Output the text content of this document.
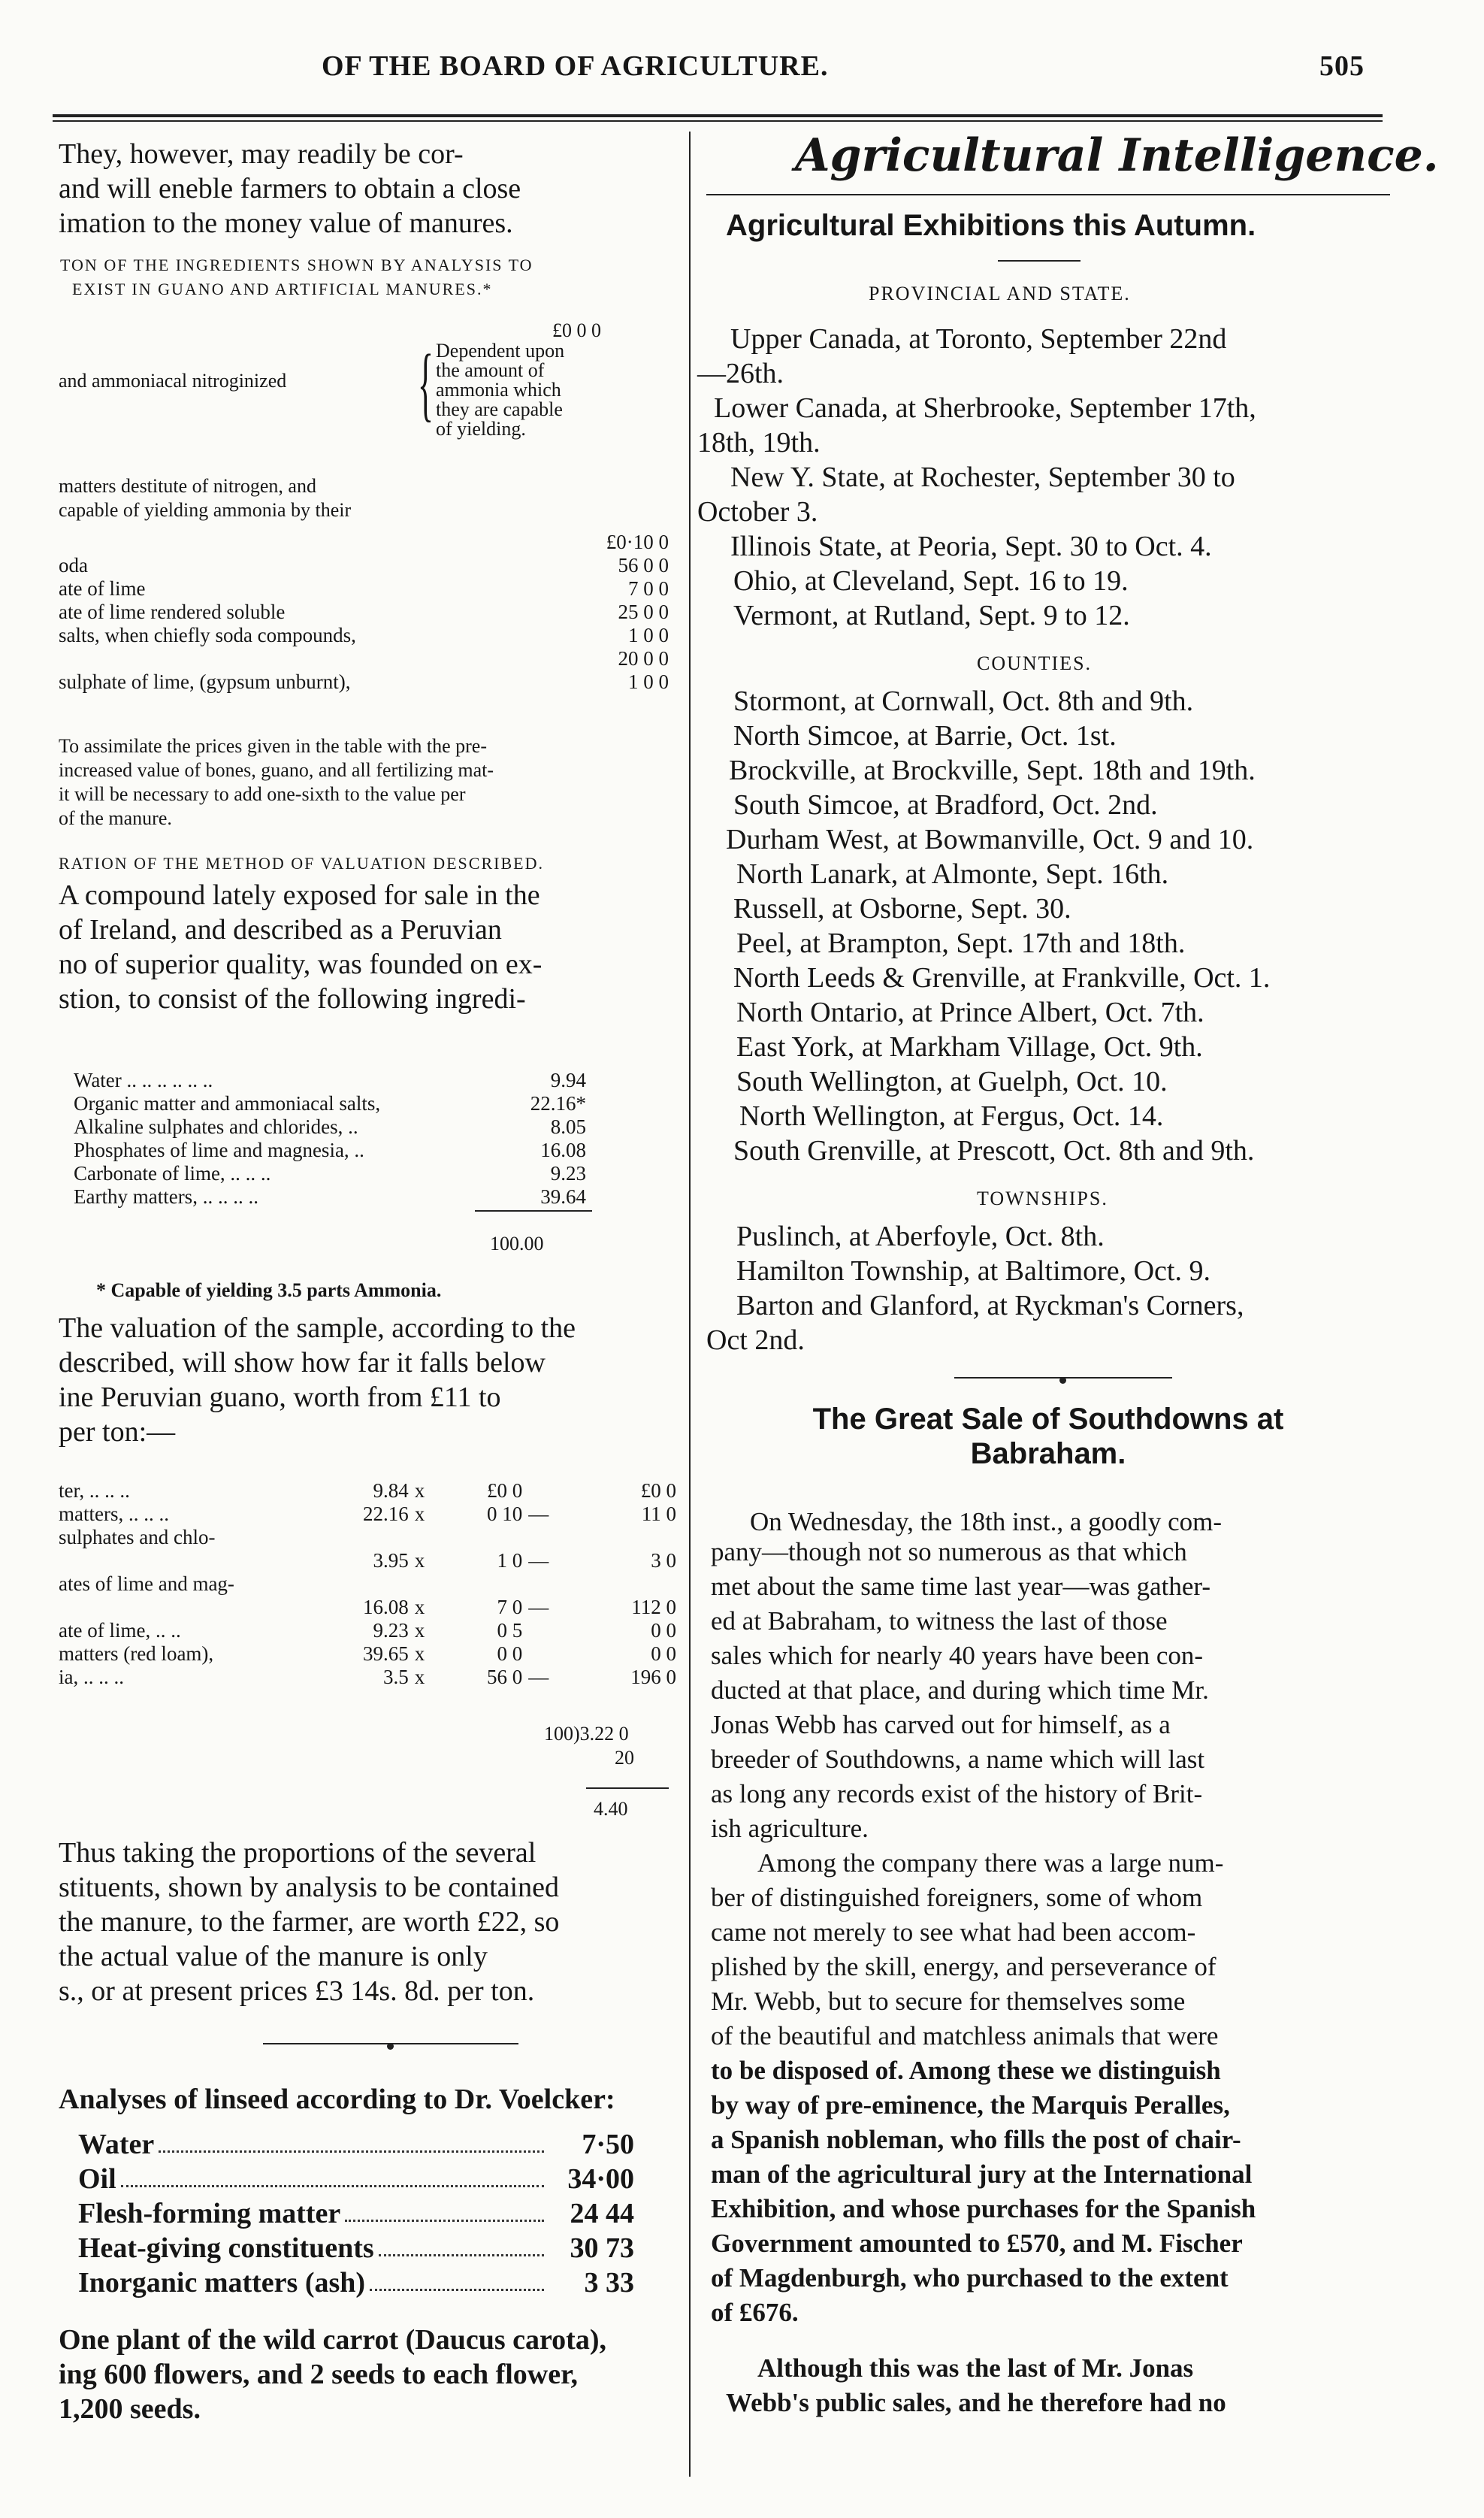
OF THE BOARD OF AGRICULTURE.	505
They, however, may readily be cor-
and will eneble farmers to obtain a close
imation to the money value of manures.
TON OF THE INGREDIENTS SHOWN BY ANALYSIS TO
EXIST IN GUANO AND ARTIFICIAL MANURES.*
£0 0 0
and ammoniacal nitroginized { Dependent upon
the amount of
ammonia which
they are capable
of yielding.
matters destitute of nitrogen, and
capable of yielding ammonia by their
	£0·10 0
oda	56 0 0
ate of lime	7 0 0
ate of lime rendered soluble	25 0 0
salts, when chiefly soda compounds,	1 0 0
	20 0 0
sulphate of lime, (gypsum unburnt),	1 0 0
To assimilate the prices given in the table with the pre-
increased value of bones, guano, and all fertilizing mat-
it will be necessary to add one-sixth to the value per
of the manure.
RATION OF THE METHOD OF VALUATION DESCRIBED.
A compound lately exposed for sale in the
of Ireland, and described as a Peruvian
no of superior quality, was founded on ex-
stion, to consist of the following ingredi-
Water .. .. .. .. .. ..	9.94
Organic matter and ammoniacal salts,	22.16*
Alkaline sulphates and chlorides, ..	8.05
Phosphates of lime and magnesia, ..	16.08
Carbonate of lime, .. .. ..	9.23
Earthy matters, .. .. .. ..	39.64
100.00
* Capable of yielding 3.5 parts Ammonia.
The valuation of the sample, according to the
described, will show how far it falls below
ine Peruvian guano, worth from £11 to
per ton:—
ter, .. .. ..	9.84	x	£0 0		£0 0
matters, .. .. ..	22.16	x	0 10	—	11 0
sulphates and chlo-					
	3.95	x	1 0	—	3 0
ates of lime and mag-					
	16.08	x	7 0	—	112 0
ate of lime, .. ..	9.23	x	0 5		0 0
matters (red loam),	39.65	x	0 0		0 0
ia, .. .. ..	3.5	x	56 0	—	196 0
100)3.22 0
20
4.40
Thus taking the proportions of the several
stituents, shown by analysis to be contained
the manure, to the farmer, are worth £22, so
the actual value of the manure is only
s., or at present prices £3 14s. 8d. per ton.
Analyses of linseed according to Dr. Voelcker:
Water	7·50
Oil	34·00
Flesh-forming matter	24 44
Heat-giving constituents	30 73
Inorganic matters (ash)	3 33
One plant of the wild carrot (Daucus carota),
ing 600 flowers, and 2 seeds to each flower,
1,200 seeds.
Agricultural Intelligence.
Agricultural Exhibitions this Autumn.
PROVINCIAL AND STATE.
Upper Canada, at Toronto, September 22nd
—26th.
Lower Canada, at Sherbrooke, September 17th,
18th, 19th.
New Y. State, at Rochester, September 30 to
October 3.
Illinois State, at Peoria, Sept. 30 to Oct. 4.
Ohio, at Cleveland, Sept. 16 to 19.
Vermont, at Rutland, Sept. 9 to 12.
COUNTIES.
Stormont, at Cornwall, Oct. 8th and 9th.
North Simcoe, at Barrie, Oct. 1st.
Brockville, at Brockville, Sept. 18th and 19th.
South Simcoe, at Bradford, Oct. 2nd.
Durham West, at Bowmanville, Oct. 9 and 10.
North Lanark, at Almonte, Sept. 16th.
Russell, at Osborne, Sept. 30.
Peel, at Brampton, Sept. 17th and 18th.
North Leeds & Grenville, at Frankville, Oct. 1.
North Ontario, at Prince Albert, Oct. 7th.
East York, at Markham Village, Oct. 9th.
South Wellington, at Guelph, Oct. 10.
North Wellington, at Fergus, Oct. 14.
South Grenville, at Prescott, Oct. 8th and 9th.
TOWNSHIPS.
Puslinch, at Aberfoyle, Oct. 8th.
Hamilton Township, at Baltimore, Oct. 9.
Barton and Glanford, at Ryckman's Corners,
Oct 2nd.
The Great Sale of Southdowns at
Babraham.
On Wednesday, the 18th inst., a goodly com-
pany—though not so numerous as that which
met about the same time last year—was gather-
ed at Babraham, to witness the last of those
sales which for nearly 40 years have been con-
ducted at that place, and during which time Mr.
Jonas Webb has carved out for himself, as a
breeder of Southdowns, a name which will last
as long any records exist of the history of Brit-
ish agriculture.
Among the company there was a large num-
ber of distinguished foreigners, some of whom
came not merely to see what had been accom-
plished by the skill, energy, and perseverance of
Mr. Webb, but to secure for themselves some
of the beautiful and matchless animals that were
to be disposed of. Among these we distinguish
by way of pre-eminence, the Marquis Peralles,
a Spanish nobleman, who fills the post of chair-
man of the agricultural jury at the International
Exhibition, and whose purchases for the Spanish
Government amounted to £570, and M. Fischer
of Magdenburgh, who purchased to the extent
of £676.
Although this was the last of Mr. Jonas
Webb's public sales, and he therefore had no
